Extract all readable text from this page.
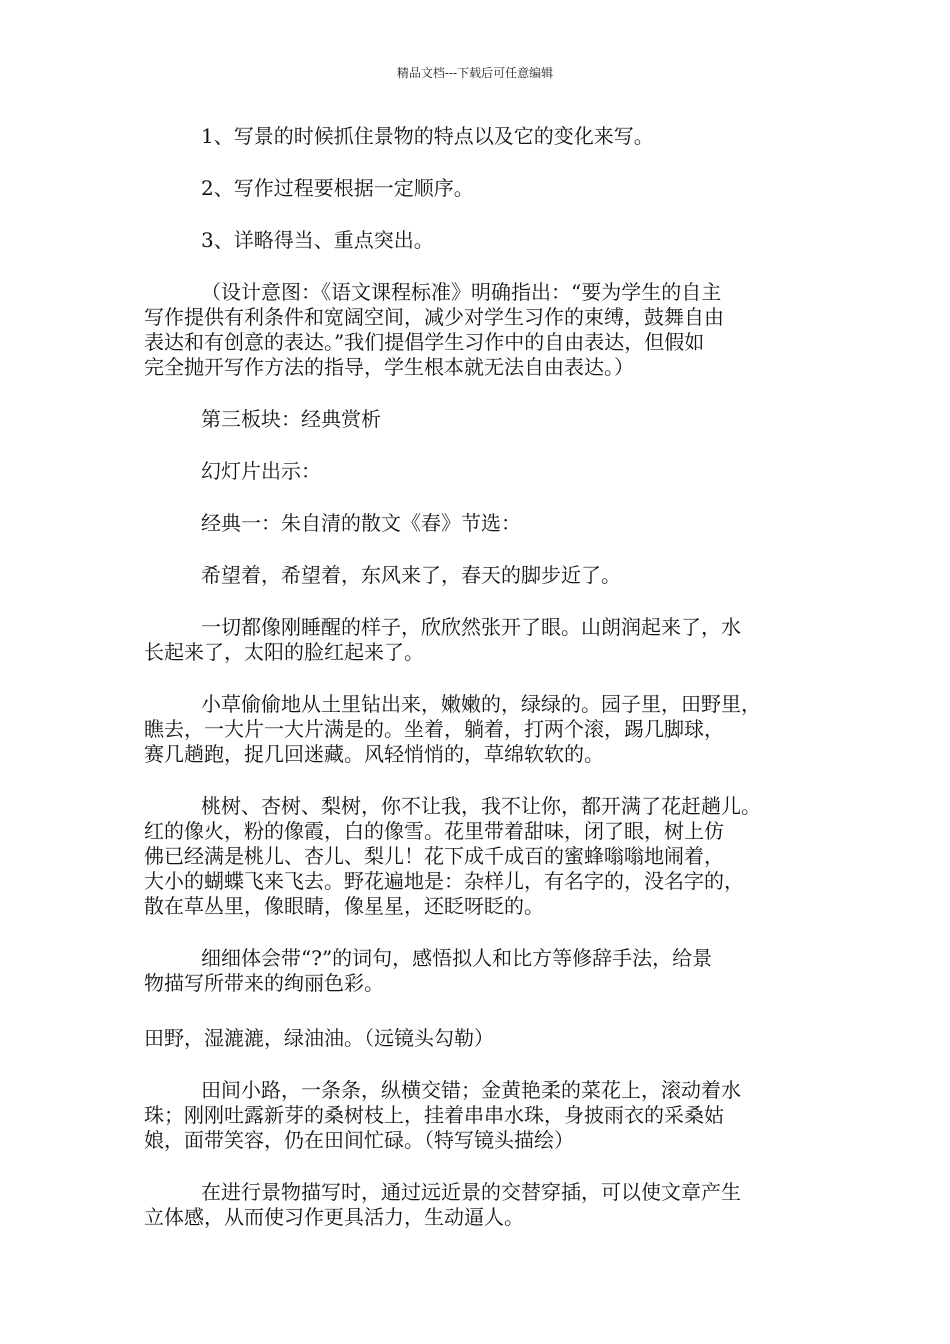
精品文档---下载后可任意编辑

1、写景的时候抓住景物的特点以及它的变化来写。

2、写作过程要根据一定顺序。

3、详略得当、重点突出。

（设计意图：《语文课程标准》明确指出：“要为学生的自主
写作提供有利条件和宽阔空间，减少对学生习作的束缚，鼓舞自由
表达和有创意的表达。”我们提倡学生习作中的自由表达，但假如
完全抛开写作方法的指导，学生根本就无法自由表达。）

第三板块：经典赏析

幻灯片出示：

经典一：朱自清的散文《春》节选：

希望着，希望着，东风来了，春天的脚步近了。

一切都像刚睡醒的样子，欣欣然张开了眼。山朗润起来了，水
长起来了，太阳的脸红起来了。

小草偷偷地从土里钻出来，嫩嫩的，绿绿的。园子里，田野里，
瞧去，一大片一大片满是的。坐着，躺着，打两个滚，踢几脚球，
赛几趟跑，捉几回迷藏。风轻悄悄的，草绵软软的。

桃树、杏树、梨树，你不让我，我不让你，都开满了花赶趟儿。
红的像火，粉的像霞，白的像雪。花里带着甜味，闭了眼，树上仿
佛已经满是桃儿、杏儿、梨儿！花下成千成百的蜜蜂嗡嗡地闹着，
大小的蝴蝶飞来飞去。野花遍地是：杂样儿，有名字的，没名字的，
散在草丛里，像眼睛，像星星，还眨呀眨的。

细细体会带“?”的词句，感悟拟人和比方等修辞手法，给景
物描写所带来的绚丽色彩。

田野，湿漉漉，绿油油。（远镜头勾勒）

田间小路，一条条，纵横交错；金黄艳柔的菜花上，滚动着水
珠；刚刚吐露新芽的桑树枝上，挂着串串水珠，身披雨衣的采桑姑
娘，面带笑容，仍在田间忙碌。（特写镜头描绘）

在进行景物描写时，通过远近景的交替穿插，可以使文章产生
立体感，从而使习作更具活力，生动逼人。
